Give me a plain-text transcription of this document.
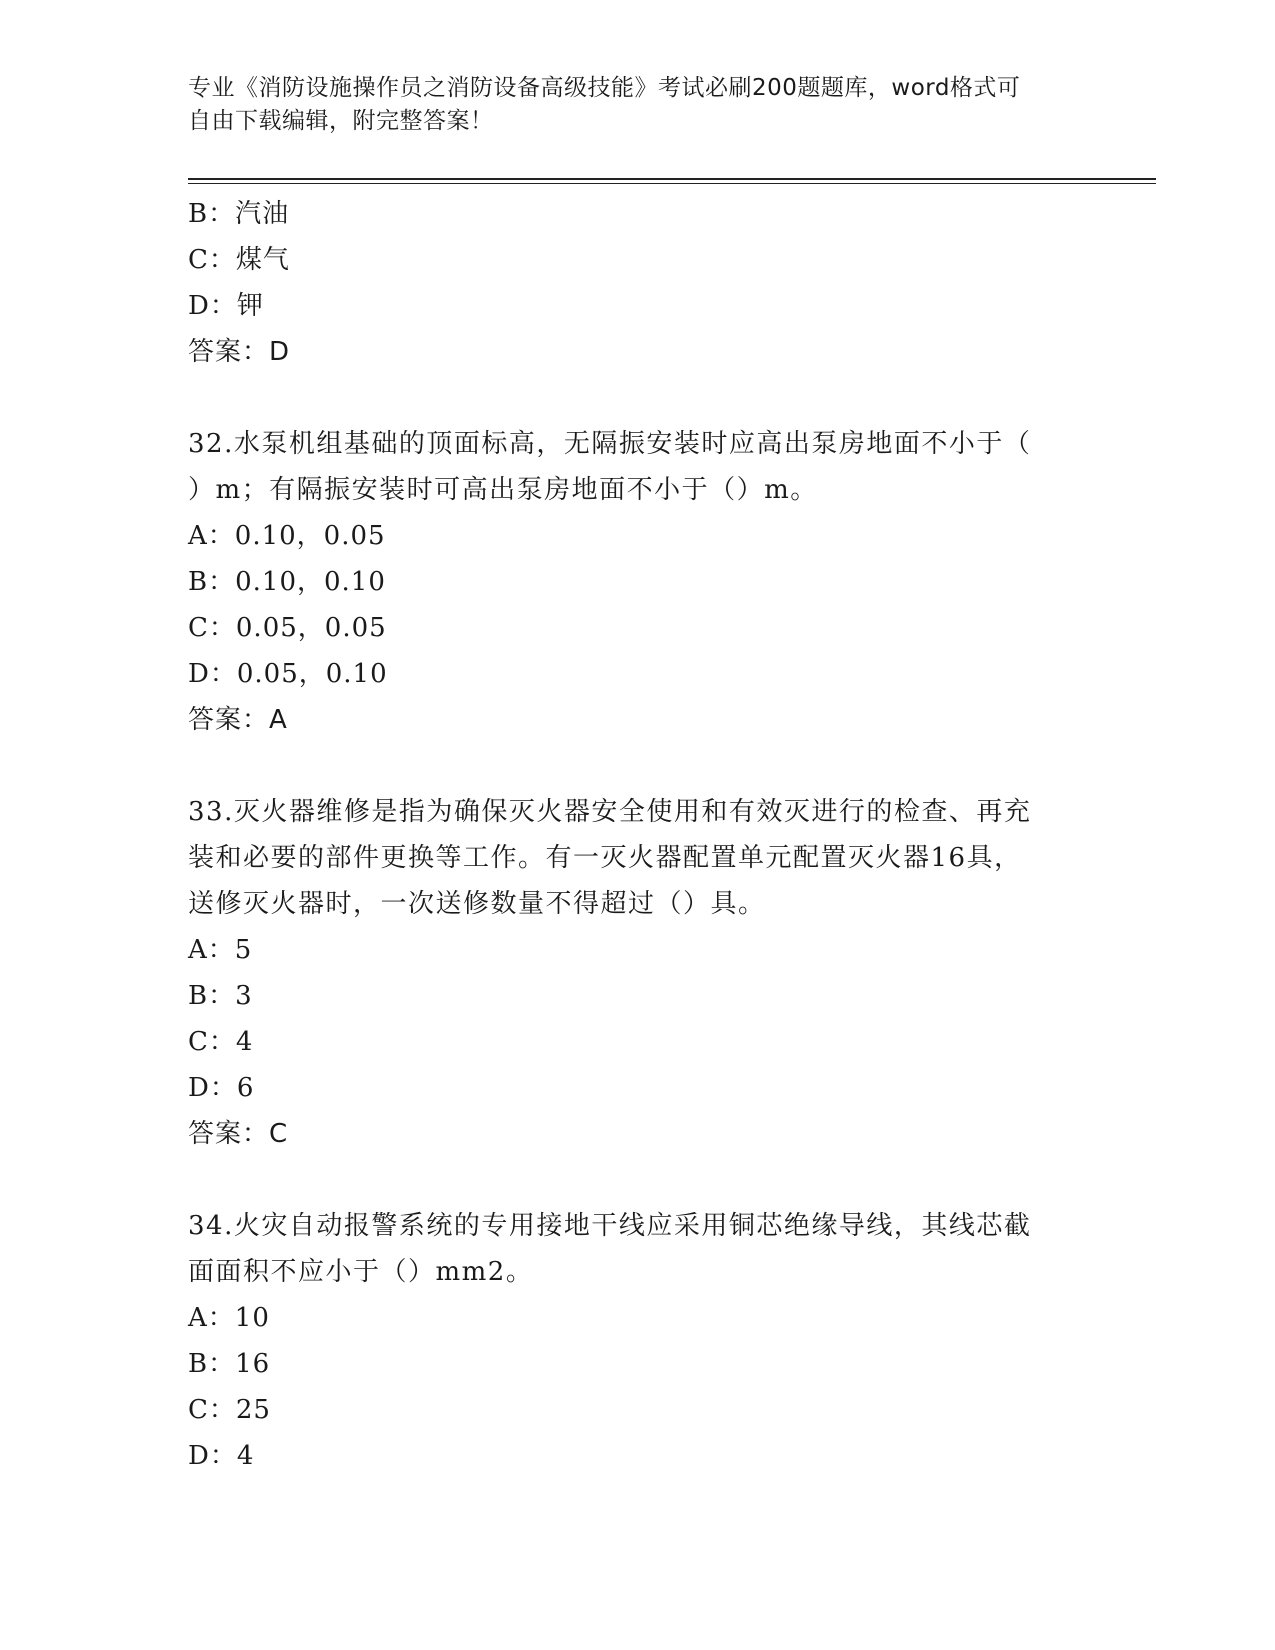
专业《消防设施操作员之消防设备高级技能》考试必刷200题题库，word格式可
自由下载编辑，附完整答案！
B：汽油
C：煤气
D：钾
答案：D
32.水泵机组基础的顶面标高，无隔振安装时应高出泵房地面不小于（
）m；有隔振安装时可高出泵房地面不小于（）m。
A：0.10，0.05
B：0.10，0.10
C：0.05，0.05
D：0.05，0.10
答案：A
33.灭火器维修是指为确保灭火器安全使用和有效灭进行的检查、再充
装和必要的部件更换等工作。有一灭火器配置单元配置灭火器16具，
送修灭火器时，一次送修数量不得超过（）具。
A：5
B：3
C：4
D：6
答案：C
34.火灾自动报警系统的专用接地干线应采用铜芯绝缘导线，其线芯截
面面积不应小于（）mm2。
A：10
B：16
C：25
D：4
